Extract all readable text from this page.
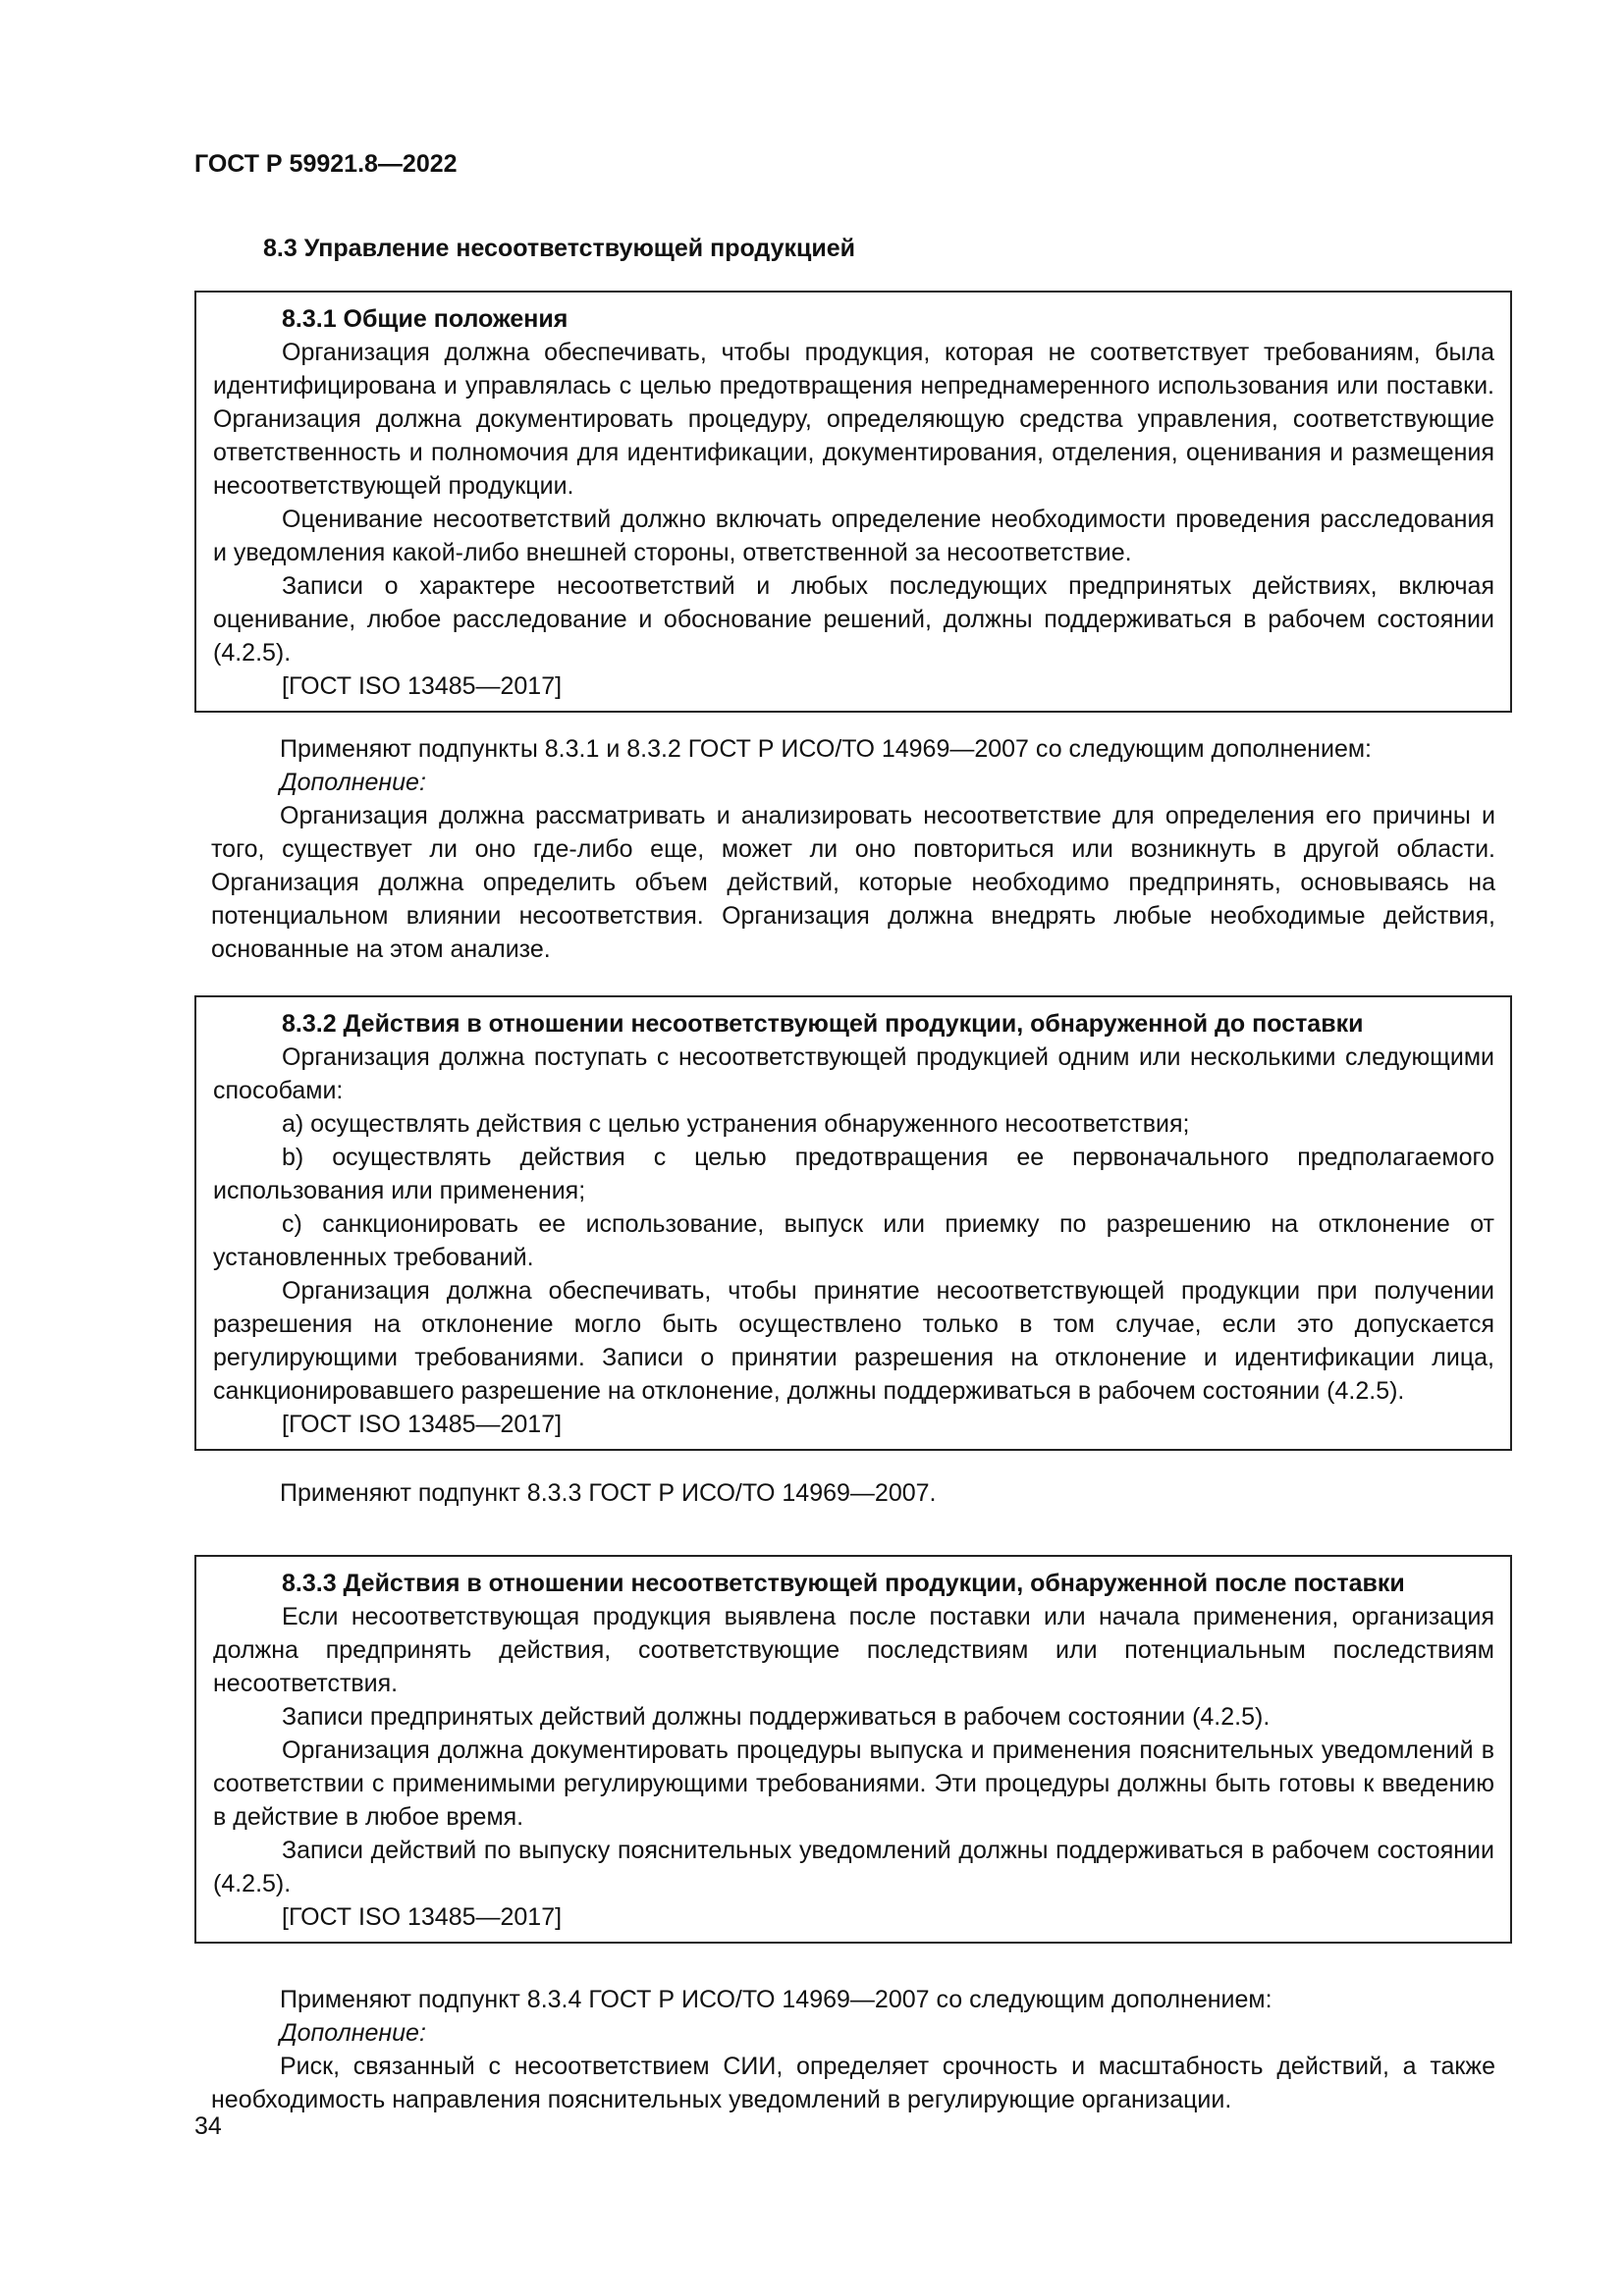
ГОСТ Р 59921.8—2022
8.3 Управление несоответствующей продукцией

8.3.1 Общие положения

Организация должна обеспечивать, чтобы продукция, которая не соответствует требованиям, была идентифицирована и управлялась с целью предотвращения непреднамеренного использования или поставки. Организация должна документировать процедуру, определяющую средства управления, соответствующие ответственность и полномочия для идентификации, документирования, отделения, оценивания и размещения несоответствующей продукции.

Оценивание несоответствий должно включать определение необходимости проведения расследования и уведомления какой-либо внешней стороны, ответственной за несоответствие.

Записи о характере несоответствий и любых последующих предпринятых действиях, включая оценивание, любое расследование и обоснование решений, должны поддерживаться в рабочем состоянии (4.2.5).

[ГОСТ ISO 13485—2017]

Применяют подпункты 8.3.1 и 8.3.2 ГОСТ Р ИСО/ТО 14969—2007 со следующим дополнением:

Дополнение:

Организация должна рассматривать и анализировать несоответствие для определения его причины и того, существует ли оно где-либо еще, может ли оно повториться или возникнуть в другой области. Организация должна определить объем действий, которые необходимо предпринять, основываясь на потенциальном влиянии несоответствия. Организация должна внедрять любые необходимые действия, основанные на этом анализе.

8.3.2 Действия в отношении несоответствующей продукции, обнаруженной до поставки

Организация должна поступать с несоответствующей продукцией одним или несколькими следующими способами:

a) осуществлять действия с целью устранения обнаруженного несоответствия;

b) осуществлять действия с целью предотвращения ее первоначального предполагаемого использования или применения;

c) санкционировать ее использование, выпуск или приемку по разрешению на отклонение от установленных требований.

Организация должна обеспечивать, чтобы принятие несоответствующей продукции при получении разрешения на отклонение могло быть осуществлено только в том случае, если это допускается регулирующими требованиями. Записи о принятии разрешения на отклонение и идентификации лица, санкционировавшего разрешение на отклонение, должны поддерживаться в рабочем состоянии (4.2.5).

[ГОСТ ISO 13485—2017]

Применяют подпункт 8.3.3 ГОСТ Р ИСО/ТО 14969—2007.

8.3.3 Действия в отношении несоответствующей продукции, обнаруженной после поставки

Если несоответствующая продукция выявлена после поставки или начала применения, организация должна предпринять действия, соответствующие последствиям или потенциальным последствиям несоответствия.

Записи предпринятых действий должны поддерживаться в рабочем состоянии (4.2.5).

Организация должна документировать процедуры выпуска и применения пояснительных уведомлений в соответствии с применимыми регулирующими требованиями. Эти процедуры должны быть готовы к введению в действие в любое время.

Записи действий по выпуску пояснительных уведомлений должны поддерживаться в рабочем состоянии (4.2.5).

[ГОСТ ISO 13485—2017]

Применяют подпункт 8.3.4 ГОСТ Р ИСО/ТО 14969—2007 со следующим дополнением:

Дополнение:

Риск, связанный с несоответствием СИИ, определяет срочность и масштабность действий, а также необходимость направления пояснительных уведомлений в регулирующие организации.

34
